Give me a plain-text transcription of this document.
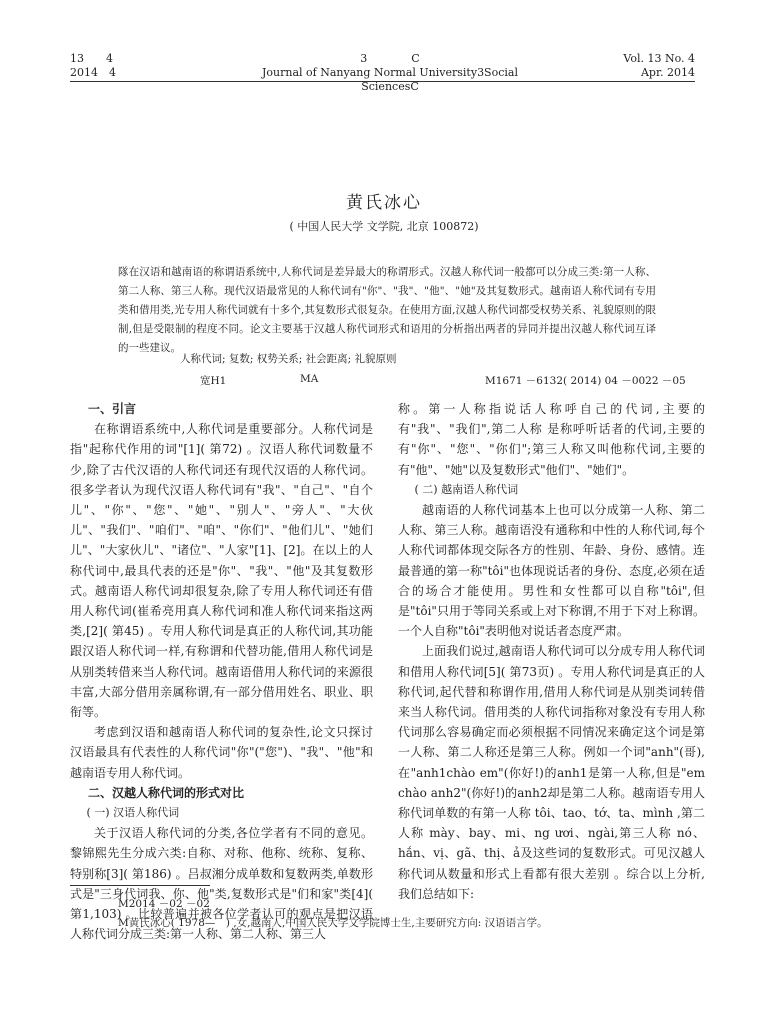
13　　4
2014　4
3　　　　C
Journal of Nanyang Normal University3Social SciencesC
Vol. 13 No. 4
Apr. 2014
黄氏冰心
( 中国人民大学 文学院, 北京 100872)
隊在汉语和越南语的称谓语系统中,人称代词是差异最大的称谓形式。汉越人称代词一般都可以分成三类:第一人称、第二人称、第三人称。现代汉语最常见的人称代词有"你"、"我"、"他"、"她"及其复数形式。越南语人称代词有专用类和借用类,光专用人称代词就有十多个,其复数形式很复杂。在使用方面,汉越人称代词都受权势关系、礼貌原则的限制,但是受限制的程度不同。论文主要基于汉越人称代词形式和语用的分析指出两者的异同并提出汉越人称代词互译的一些建议。
人称代词; 复数; 权势关系; 社会距离; 礼貌原则
宽H1	MA	M1671 －6132( 2014) 04 －0022 －05

一、引言

在称谓语系统中,人称代词是重要部分。人称代词是指"起称代作用的词"[1]( 第72) 。汉语人称代词数量不少,除了古代汉语的人称代词还有现代汉语的人称代词。很多学者认为现代汉语人称代词有"我"、"自己"、"自个儿"、"你"、"您"、"她"、"别人"、"旁人"、"大伙儿"、"我们"、"咱们"、"咱"、"你们"、"他们儿"、"她们儿"、"大家伙儿"、"诸位"、"人家"[1]、[2]。在以上的人称代词中,最具代表的还是"你"、"我"、"他"及其复数形式。越南语人称代词却很复杂,除了专用人称代词还有借用人称代词(崔希亮用真人称代词和准人称代词来指这两类,[2]( 第45) 。专用人称代词是真正的人称代词,其功能跟汉语人称代词一样,有称谓和代替功能,借用人称代词是从别类转借来当人称代词。越南语借用人称代词的来源很丰富,大部分借用亲属称谓,有一部分借用姓名、职业、职衔等。

考虑到汉语和越南语人称代词的复杂性,论文只探讨汉语最具有代表性的人称代词"你"("您")、"我"、"他"和越南语专用人称代词。

二、汉越人称代词的形式对比

( 一) 汉语人称代词

关于汉语人称代词的分类,各位学者有不同的意见。黎锦熙先生分成六类:自称、对称、他称、统称、复称、特别称[3]( 第186) 。吕叔湘分成单数和复数两类,单数形式是"三身代词我、你、他"类,复数形式是"们和家"类[4]( 第1,103) 。比较普遍并被各位学者认可的观点是把汉语人称代词分成三类:第一人称、第二人称、第三人

称。第一人称指说话人称呼自己的代词,主要的有"我"、"我们",第二人称 是称呼听话者的代词,主要的有"你"、"您"、"你们";第三人称又叫他称代词,主要的有"他"、"她"以及复数形式"他们"、"她们"。

( 二) 越南语人称代词

越南语的人称代词基本上也可以分成第一人称、第二人称、第三人称。越南语没有通称和中性的人称代词,每个人称代词都体现交际各方的性别、年龄、身份、感情。连最普通的第一称"tôi"也体现说话者的身份、态度,必须在适合的场合才能使用。男性和女性都可以自称"tôi",但是"tôi"只用于等同关系或上对下称谓,不用于下对上称谓。一个人自称"tôi"表明他对说话者态度严肃。

上面我们说过,越南语人称代词可以分成专用人称代词和借用人称代词[5]( 第73页) 。专用人称代词是真正的人称代词,起代替和称谓作用,借用人称代词是从别类词转借来当人称代词。借用类的人称代词指称对象没有专用人称代词那么容易确定而必须根据不同情况来确定这个词是第一人称、第二人称还是第三人称。例如一个词"anh"(哥),在"anh1chào em"(你好!)的anh1是第一人称,但是"em chào anh2"(你好!)的anh2却是第二人称。越南语专用人称代词单数的有第一人称 tôi、tao、tớ、ta、mình ,第二人称 mày、bay、mi、ng ươi、ngài,第三人称 nó、hắn、vị、gã、thị、ả及这些词的复数形式。可见汉越人称代词从数量和形式上看都有很大差别 。综合以上分析,我们总结如下:

M2014 －02 －02
M黄氏冰心( 1978—　) ,女,越南人,中国人民大学文学院博士生,主要研究方向: 汉语语言学。
